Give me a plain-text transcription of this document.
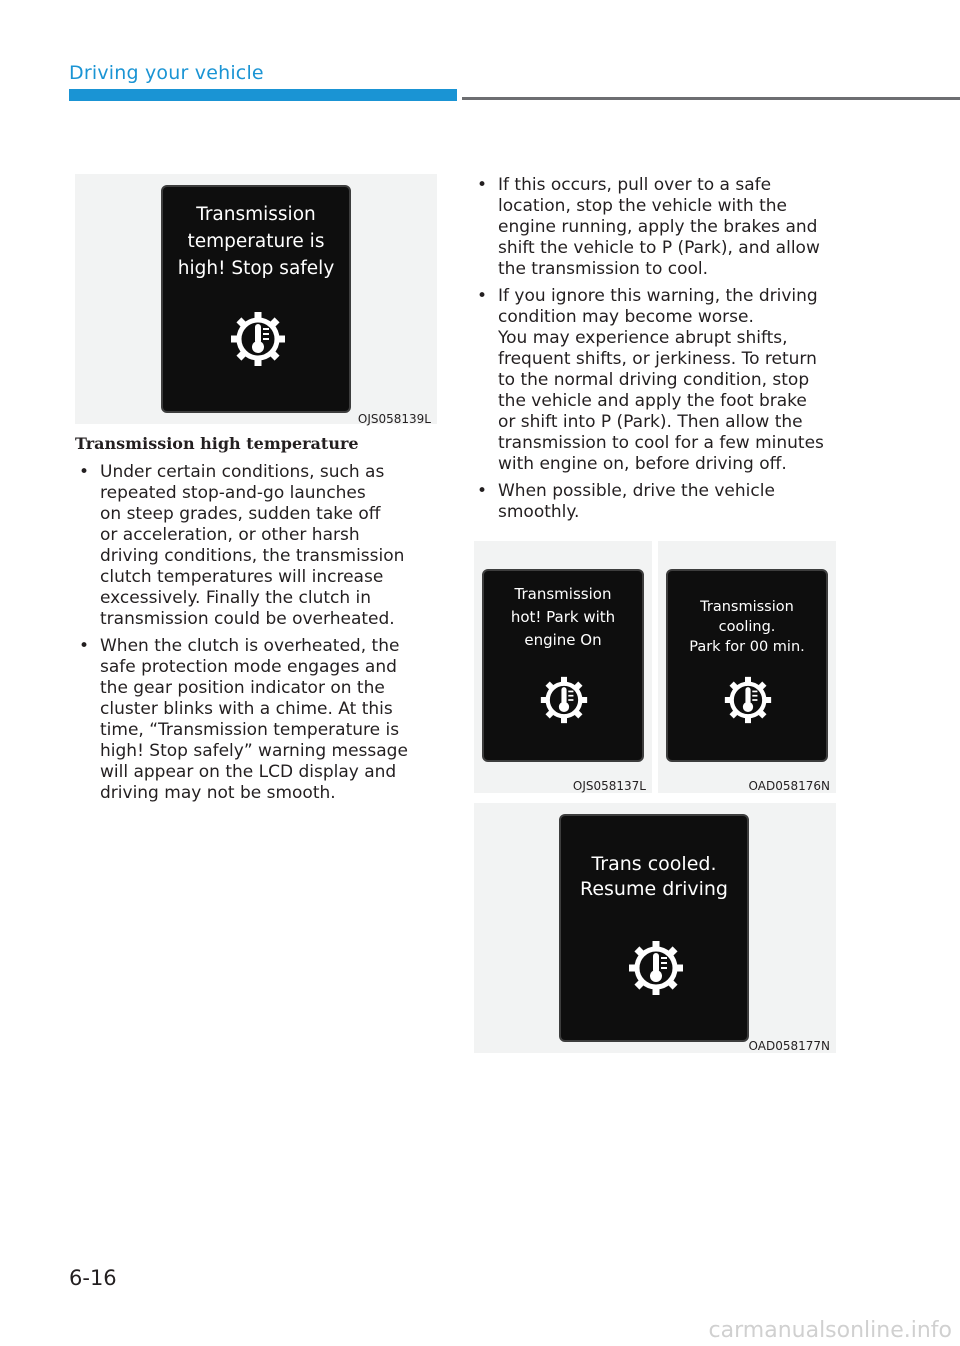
Driving your vehicle
Transmission
temperature is
high! Stop safely
OJS058139L
Transmission high temperature
• Under certain conditions, such as
repeated stop-and-go launches
on steep grades, sudden take off
or acceleration, or other harsh
driving conditions, the transmission
clutch temperatures will increase
excessively. Finally the clutch in
transmission could be overheated.
• When the clutch is overheated, the
safe protection mode engages and
the gear position indicator on the
cluster blinks with a chime. At this
time, “Transmission temperature is
high! Stop safely” warning message
will appear on the LCD display and
driving may not be smooth.
• If this occurs, pull over to a safe
location, stop the vehicle with the
engine running, apply the brakes and
shift the vehicle to P (Park), and allow
the transmission to cool.
• If you ignore this warning, the driving
condition may become worse.
You may experience abrupt shifts,
frequent shifts, or jerkiness. To return
to the normal driving condition, stop
the vehicle and apply the foot brake
or shift into P (Park). Then allow the
transmission to cool for a few minutes
with engine on, before driving off.
• When possible, drive the vehicle
smoothly.
Transmission
hot! Park with
engine On
OJS058137L
Transmission
cooling.
Park for 00 min.
OAD058176N
Trans cooled.
Resume driving
OAD058177N
6-16
carmanualsonline.info
